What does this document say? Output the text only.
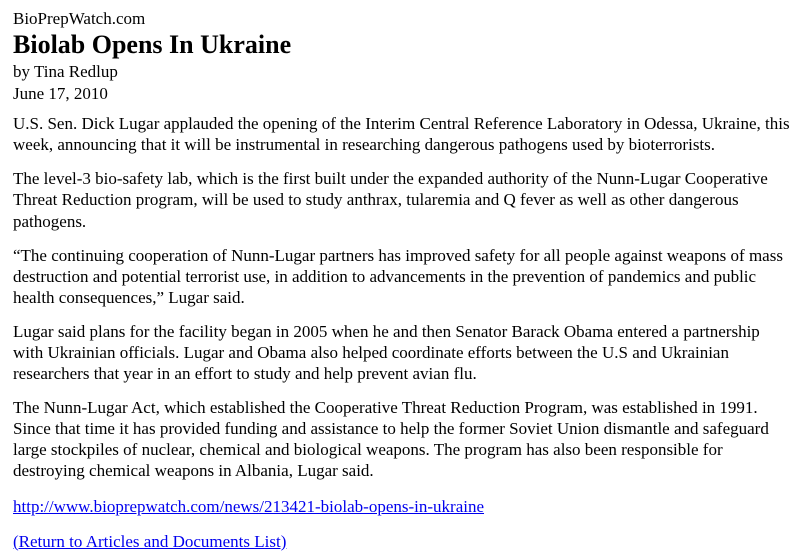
BioPrepWatch.com
Biolab Opens In Ukraine
by Tina Redlup
June 17, 2010

U.S. Sen. Dick Lugar applauded the opening of the Interim Central Reference Laboratory in Odessa, Ukraine, this week, announcing that it will be instrumental in researching dangerous pathogens used by bioterrorists.

The level-3 bio-safety lab, which is the first built under the expanded authority of the Nunn-Lugar Cooperative Threat Reduction program, will be used to study anthrax, tularemia and Q fever as well as other dangerous pathogens.

“The continuing cooperation of Nunn-Lugar partners has improved safety for all people against weapons of mass destruction and potential terrorist use, in addition to advancements in the prevention of pandemics and public health consequences,” Lugar said.

Lugar said plans for the facility began in 2005 when he and then Senator Barack Obama entered a partnership with Ukrainian officials. Lugar and Obama also helped coordinate efforts between the U.S and Ukrainian researchers that year in an effort to study and help prevent avian flu.

The Nunn-Lugar Act, which established the Cooperative Threat Reduction Program, was established in 1991. Since that time it has provided funding and assistance to help the former Soviet Union dismantle and safeguard large stockpiles of nuclear, chemical and biological weapons. The program has also been responsible for destroying chemical weapons in Albania, Lugar said.

http://www.bioprepwatch.com/news/213421-biolab-opens-in-ukraine
(Return to Articles and Documents List)
